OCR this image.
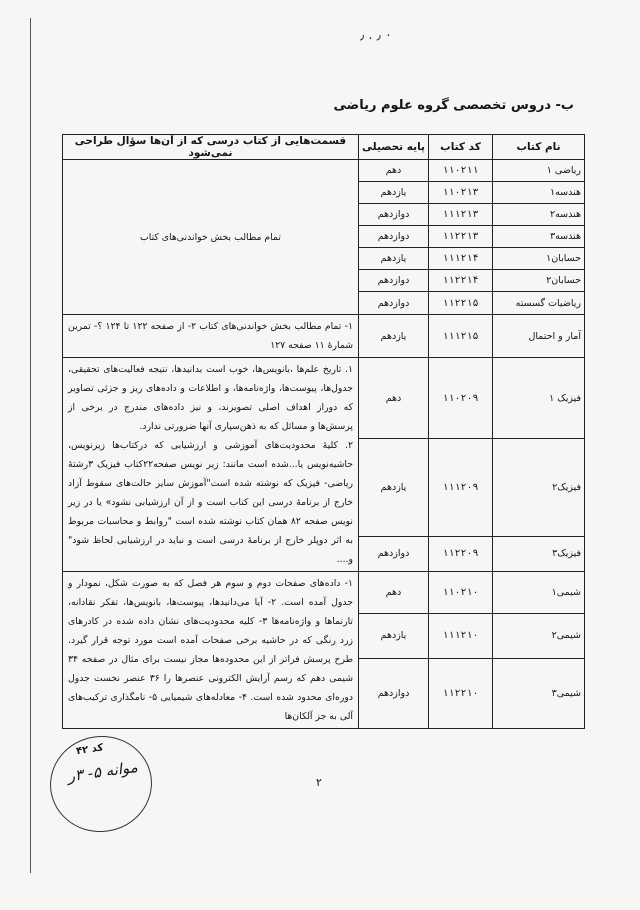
٫ . ٫ ۰
ب- دروس تخصصی گروه علوم ریاضی
نام کتاب	کد کتاب	پایه تحصیلی	قسمت‌هایی از کتاب درسی که از آن‌ها سؤال طراحی نمی‌شود
ریاضی ۱	۱۱۰۲۱۱	دهم	تمام مطالب بخش خواندنی‌های کتاب
هندسه۱	۱۱۰۲۱۳	یازدهم	
هندسه۲	۱۱۱۲۱۳	دوازدهم	
هندسه۳	۱۱۲۲۱۳	دوازدهم	
حسابان۱	۱۱۱۲۱۴	یازدهم	
حسابان۲	۱۱۲۲۱۴	دوازدهم	
ریاضیات گسسته	۱۱۲۲۱۵	دوازدهم	
آمار و احتمال	۱۱۱۲۱۵	یازدهم	۱- تمام مطالب بخش خواندنی‌های کتاب ۲- از صفحه ۱۲۲ تا ۱۲۴ ؟- تمرین شمارهٔ ۱۱ صفحه ۱۲۷
فیزیک ۱	۱۱۰۲۰۹	دهم	۱. تاریخ علم‌ها ،بانویس‌ها، خوب است بدانیدها، نتیجه فعالیت‌های تحقیقی، جدول‌ها، پیوست‌ها، واژه‌نامه‌ها، و اطلاعات و داده‌های ریز و جزئی تصاویر که دوراز اهداف اصلی تصویرند، و نیز داده‌های مندرج در برخی از پرسش‌ها و مسائل که به ذهن‌سپاری آنها ضرورتی ندارد.

۲. کلیهٔ محدودیت‌های آموزشی و ارزشیابی که درکتاب‌ها زیرنویس، حاشیه‌نویس یا...شده است مانند: زیر نویس صفحه۲۲کتاب فیزیک ۳رشتهٔ ریاضی- فیزیک که نوشته شده است"آموزش سایر حالت‌های سقوط آزاد خارج از برنامهٔ درسی این کتاب است و از آن ارزشیابی نشود» یا در زیر نویس صفحه ۸۲ همان کتاب نوشته شده است "روابط و محاسبات مربوط به اثر دوپلر خارج از برنامهٔ درسی است و نباید در ارزشیابی لحاظ شود" و....

فیزیک۲	۱۱۱۲۰۹	یازدهم	
فیزیک۳	۱۱۲۲۰۹	دوازدهم	
شیمی۱	۱۱۰۲۱۰	دهم	۱- داده‌های صفحات دوم و سوم هر فصل که به صورت شکل، نمودار و جدول آمده است. ۲- آیا می‌دانید‌ها، پیوست‌ها، بانویس‌ها، تفکر نقادانه، تارنماها و واژه‌نامه‌ها ۳- کلیه محدودیت‌های نشان داده شده در کادرهای زرد رنگی که در حاشیه برخی صفحات آمده است مورد توجه قرار گیرد. طرح پرسش فراتر از این محدوده‌ها مجاز نیست برای مثال در صفحه ۳۴ شیمی دهم که رسم آرایش الکترونی عنصرها را ۳۶ عنصر نخست جدول دوره‌ای محدود شده است. ۴- معادله‌های شیمیایی ۵- نامگذاری ترکیب‌های آلی به جز آلکان‌ها
شیمی۲	۱۱۱۲۱۰	یازدهم	
شیمی۳	۱۱۲۲۱۰	دوازدهم	
کد ۴۲
موانه ۵- ۳ر
۲
